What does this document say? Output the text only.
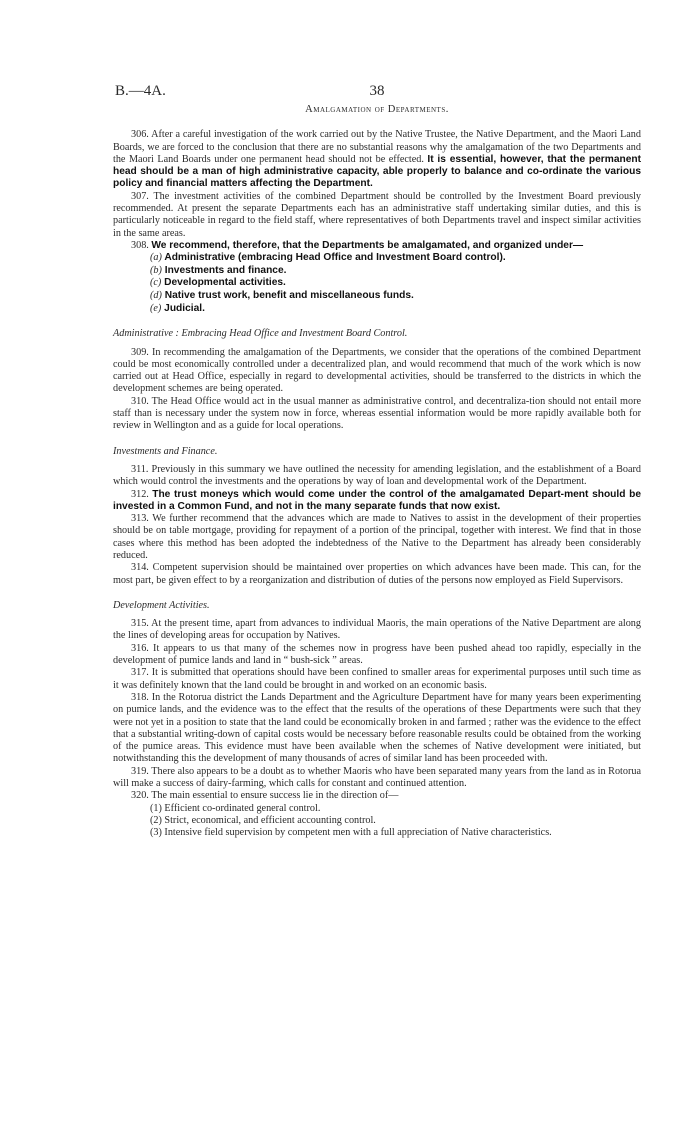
B.—4A.	38
Amalgamation of Departments.

306. After a careful investigation of the work carried out by the Native Trustee, the Native Department, and the Maori Land Boards, we are forced to the conclusion that there are no substantial reasons why the amalgamation of the two Departments and the Maori Land Boards under one permanent head should not be effected. It is essential, however, that the permanent head should be a man of high administrative capacity, able properly to balance and co-ordinate the various policy and financial matters affecting the Department.

307. The investment activities of the combined Department should be controlled by the Investment Board previously recommended. At present the separate Departments each has an administrative staff undertaking similar duties, and this is particularly noticeable in regard to the field staff, where representatives of both Departments travel and inspect similar activities in the same areas.

308. We recommend, therefore, that the Departments be amalgamated, and organized under—

(a) Administrative (embracing Head Office and Investment Board control).
(b) Investments and finance.
(c) Developmental activities.
(d) Native trust work, benefit and miscellaneous funds.
(e) Judicial.

Administrative : Embracing Head Office and Investment Board Control.

309. In recommending the amalgamation of the Departments, we consider that the operations of the combined Department could be most economically controlled under a decentralized plan, and would recommend that much of the work which is now carried out at Head Office, especially in regard to developmental activities, should be transferred to the districts in which the development schemes are being operated.

310. The Head Office would act in the usual manner as administrative control, and decentraliza-tion should not entail more staff than is necessary under the system now in force, whereas essential information would be more rapidly available both for review in Wellington and as a guide for local operations.

Investments and Finance.

311. Previously in this summary we have outlined the necessity for amending legislation, and the establishment of a Board which would control the investments and the operations by way of loan and developmental work of the Department.

312. The trust moneys which would come under the control of the amalgamated Depart-ment should be invested in a Common Fund, and not in the many separate funds that now exist.

313. We further recommend that the advances which are made to Natives to assist in the development of their properties should be on table mortgage, providing for repayment of a portion of the principal, together with interest. We find that in those cases where this method has been adopted the indebtedness of the Native to the Department has already been considerably reduced.

314. Competent supervision should be maintained over properties on which advances have been made. This can, for the most part, be given effect to by a reorganization and distribution of duties of the persons now employed as Field Supervisors.

Development Activities.

315. At the present time, apart from advances to individual Maoris, the main operations of the Native Department are along the lines of developing areas for occupation by Natives.

316. It appears to us that many of the schemes now in progress have been pushed ahead too rapidly, especially in the development of pumice lands and land in “ bush-sick ” areas.

317. It is submitted that operations should have been confined to smaller areas for experimental purposes until such time as it was definitely known that the land could be brought in and worked on an economic basis.

318. In the Rotorua district the Lands Department and the Agriculture Department have for many years been experimenting on pumice lands, and the evidence was to the effect that the results of the operations of these Departments were such that they were not yet in a position to state that the land could be economically broken in and farmed ; rather was the evidence to the effect that a substantial writing-down of capital costs would be necessary before reasonable results could be obtained from the working of the pumice areas. This evidence must have been available when the schemes of Native development were initiated, but notwithstanding this the development of many thousands of acres of similar land has been proceeded with.

319. There also appears to be a doubt as to whether Maoris who have been separated many years from the land as in Rotorua will make a success of dairy-farming, which calls for constant and continued attention.

320. The main essential to ensure success lie in the direction of—

(1) Efficient co-ordinated general control.
(2) Strict, economical, and efficient accounting control.
(3) Intensive field supervision by competent men with a full appreciation of Native characteristics.
